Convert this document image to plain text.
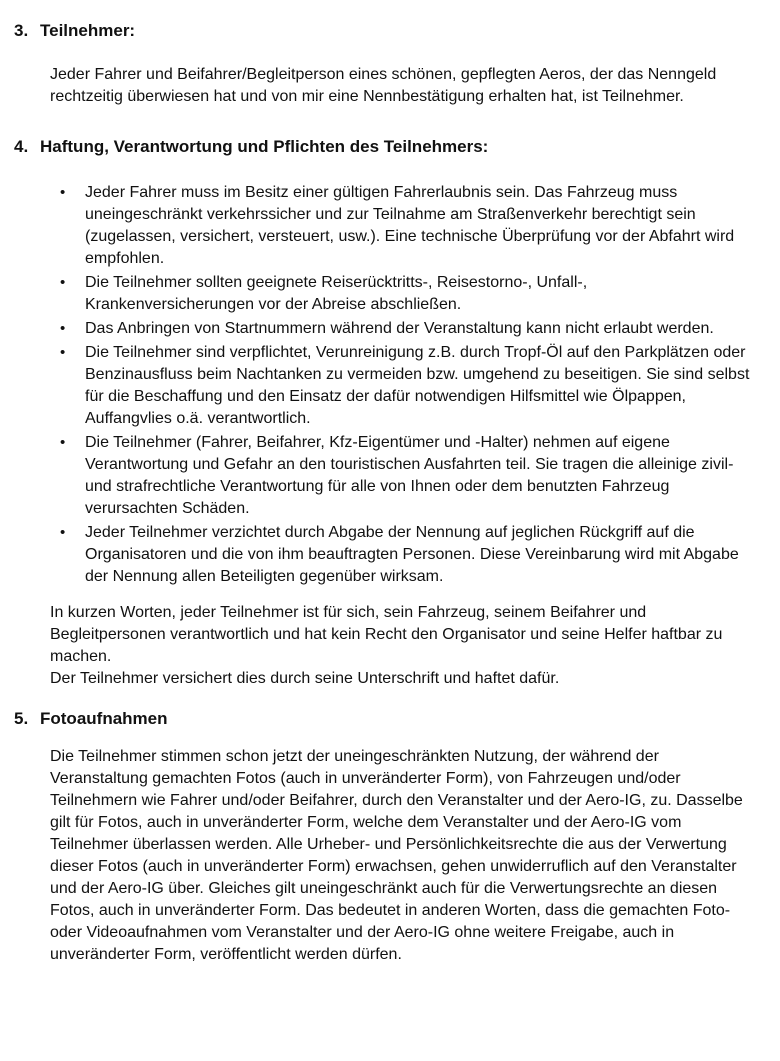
3. Teilnehmer:

Jeder Fahrer und Beifahrer/Begleitperson eines schönen, gepflegten Aeros, der das Nenngeld rechtzeitig überwiesen hat und von mir eine Nennbestätigung erhalten hat, ist Teilnehmer.

4. Haftung, Verantwortung und Pflichten des Teilnehmers:
• Jeder Fahrer muss im Besitz einer gültigen Fahrerlaubnis sein. Das Fahrzeug muss uneingeschränkt verkehrssicher und zur Teilnahme am Straßenverkehr berechtigt sein (zugelassen, versichert, versteuert, usw.). Eine technische Überprüfung vor der Abfahrt wird empfohlen.
• Die Teilnehmer sollten geeignete Reiserücktritts-, Reisestorno-, Unfall-, Krankenversicherungen vor der Abreise abschließen.
• Das Anbringen von Startnummern während der Veranstaltung kann nicht erlaubt werden.
• Die Teilnehmer sind verpflichtet, Verunreinigung z.B. durch Tropf-Öl auf den Parkplätzen oder Benzinausfluss beim Nachtanken zu vermeiden bzw. umgehend zu beseitigen. Sie sind selbst für die Beschaffung und den Einsatz der dafür notwendigen Hilfsmittel wie Ölpappen, Auffangvlies o.ä. verantwortlich.
• Die Teilnehmer (Fahrer, Beifahrer, Kfz-Eigentümer und -Halter) nehmen auf eigene Verantwortung und Gefahr an den touristischen Ausfahrten teil. Sie tragen die alleinige zivil- und strafrechtliche Verantwortung für alle von Ihnen oder dem benutzten Fahrzeug verursachten Schäden.
• Jeder Teilnehmer verzichtet durch Abgabe der Nennung auf jeglichen Rückgriff auf die Organisatoren und die von ihm beauftragten Personen. Diese Vereinbarung wird mit Abgabe der Nennung allen Beteiligten gegenüber wirksam.

In kurzen Worten, jeder Teilnehmer ist für sich, sein Fahrzeug, seinem Beifahrer und Begleitpersonen verantwortlich und hat kein Recht den Organisator und seine Helfer haftbar zu machen.

Der Teilnehmer versichert dies durch seine Unterschrift und haftet dafür.

5. Fotoaufnahmen

Die Teilnehmer stimmen schon jetzt der uneingeschränkten Nutzung, der während der Veranstaltung gemachten Fotos (auch in unveränderter Form), von Fahrzeugen und/oder Teilnehmern wie Fahrer und/oder Beifahrer, durch den Veranstalter und der Aero-IG, zu. Dasselbe gilt für Fotos, auch in unveränderter Form, welche dem Veranstalter und der Aero-IG vom Teilnehmer überlassen werden. Alle Urheber- und Persönlichkeitsrechte die aus der Verwertung dieser Fotos (auch in unveränderter Form) erwachsen, gehen unwiderruflich auf den Veranstalter und der Aero-IG über. Gleiches gilt uneingeschränkt auch für die Verwertungsrechte an diesen Fotos, auch in unveränderter Form. Das bedeutet in anderen Worten, dass die gemachten Foto- oder Videoaufnahmen vom Veranstalter und der Aero-IG ohne weitere Freigabe, auch in unveränderter Form, veröffentlicht werden dürfen.
